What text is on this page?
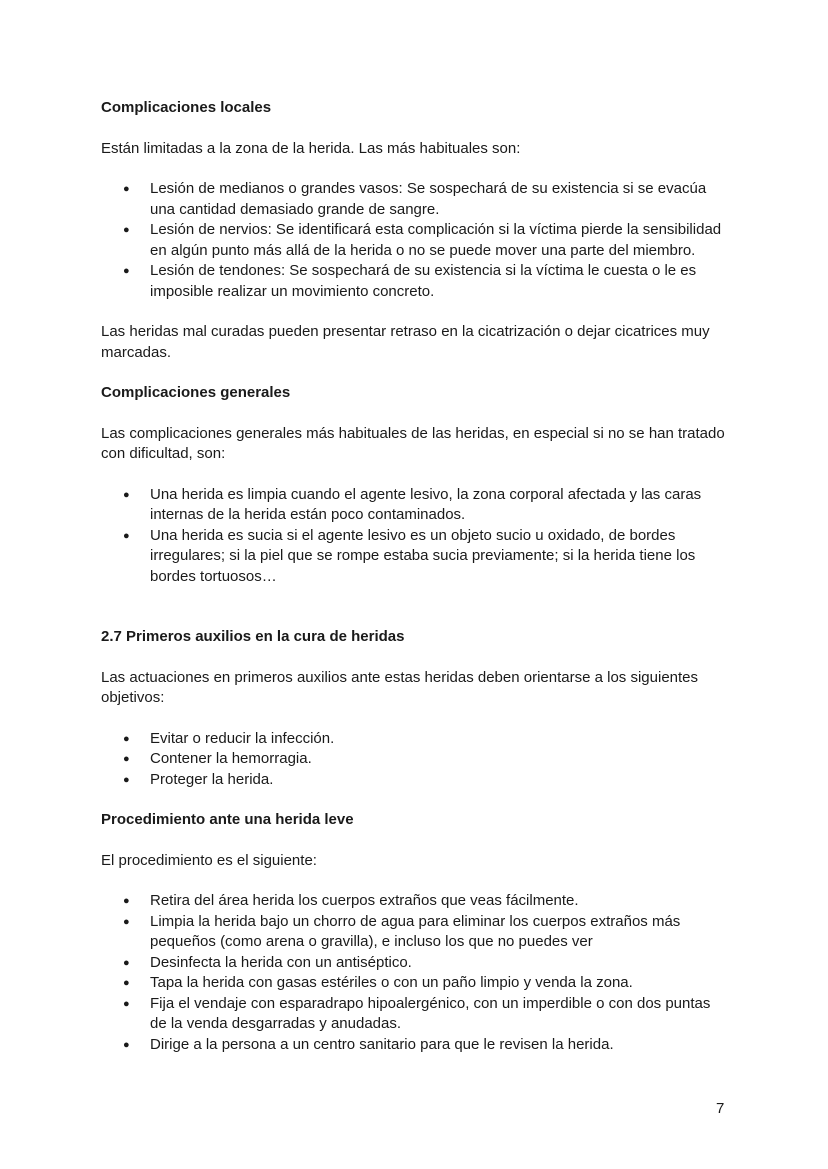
Complicaciones locales

Están limitadas a la zona de la herida. Las más habituales son:

● Lesión de medianos o grandes vasos: Se sospechará de su existencia si se evacúa una cantidad demasiado grande de sangre.
● Lesión de nervios: Se identificará esta complicación si la víctima pierde la sensibilidad en algún punto más allá de la herida o no se puede mover una parte del miembro.
● Lesión de tendones: Se sospechará de su existencia si la víctima le cuesta o le es imposible realizar un movimiento concreto.

Las heridas mal curadas pueden presentar retraso en la cicatrización o dejar cicatrices muy marcadas.

Complicaciones generales

Las complicaciones generales más habituales de las heridas, en especial si no se han tratado con dificultad, son:

● Una herida es limpia cuando el agente lesivo, la zona corporal afectada y las caras internas de la herida están poco contaminados.
● Una herida es sucia si el agente lesivo es un objeto sucio u oxidado, de bordes irregulares; si la piel que se rompe estaba sucia previamente; si la herida tiene los bordes tortuosos…
2.7 Primeros auxilios en la cura de heridas

Las actuaciones en primeros auxilios ante estas heridas deben orientarse a los siguientes objetivos:

● Evitar o reducir la infección.
● Contener la hemorragia.
● Proteger la herida.
Procedimiento ante una herida leve

El procedimiento es el siguiente:

● Retira del área herida los cuerpos extraños que veas fácilmente.
● Limpia la herida bajo un chorro de agua para eliminar los cuerpos extraños más pequeños (como arena o gravilla), e incluso los que no puedes ver
● Desinfecta la herida con un antiséptico.
● Tapa la herida con gasas estériles o con un paño limpio y venda la zona.
● Fija el vendaje con esparadrapo hipoalergénico, con un imperdible o con dos puntas de la venda desgarradas y anudadas.
● Dirige a la persona a un centro sanitario para que le revisen la herida.
7
